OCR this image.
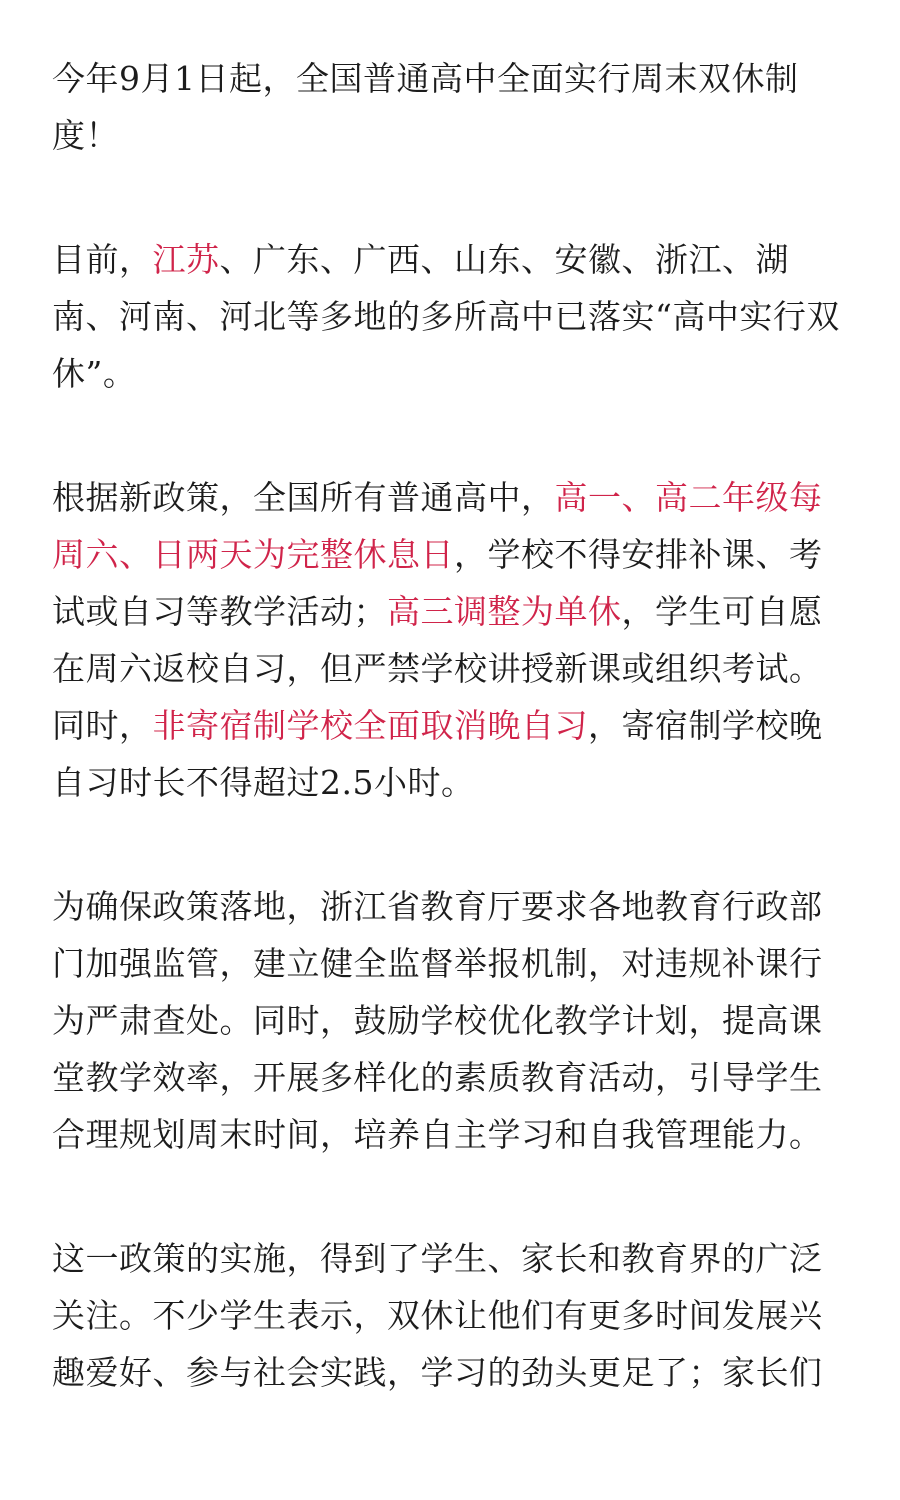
今年9月1日起，全国普通高中全面实行周末双休制度！

目前，江苏、广东、广西、山东、安徽、浙江、湖南、河南、河北等多地的多所高中已落实“高中实行双休”。

根据新政策，全国所有普通高中，高一、高二年级每周六、日两天为完整休息日，学校不得安排补课、考试或自习等教学活动；高三调整为单休，学生可自愿在周六返校自习，但严禁学校讲授新课或组织考试。同时，非寄宿制学校全面取消晚自习，寄宿制学校晚自习时长不得超过2.5小时。

为确保政策落地，浙江省教育厅要求各地教育行政部门加强监管，建立健全监督举报机制，对违规补课行为严肃查处。同时，鼓励学校优化教学计划，提高课堂教学效率，开展多样化的素质教育活动，引导学生合理规划周末时间，培养自主学习和自我管理能力。

这一政策的实施，得到了学生、家长和教育界的广泛关注。不少学生表示，双休让他们有更多时间发展兴趣爱好、参与社会实践，学习的劲头更足了；家长们
